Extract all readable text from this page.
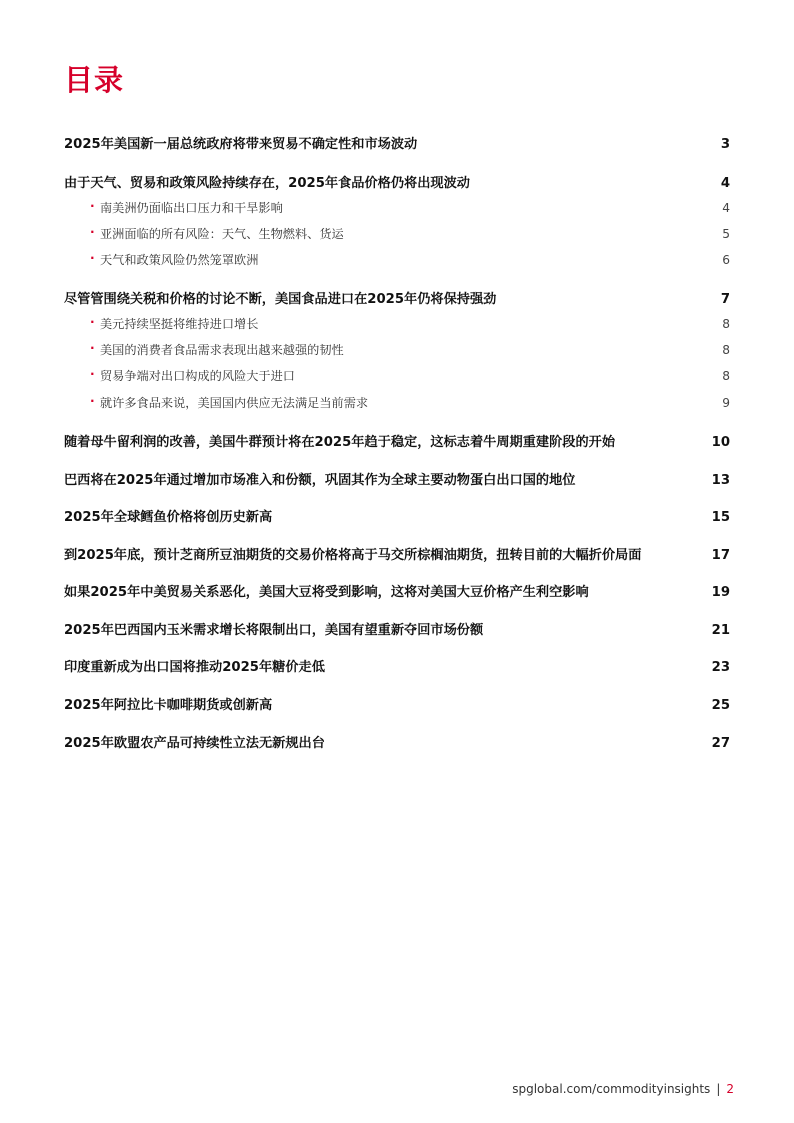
目录
2025年美国新一届总统政府将带来贸易不确定性和市场波动	3
由于天气、贸易和政策风险持续存在，2025年食品价格仍将出现波动	4
· 南美洲仍面临出口压力和干旱影响	4
· 亚洲面临的所有风险：天气、生物燃料、货运	5
· 天气和政策风险仍然笼罩欧洲	6
尽管管围绕关税和价格的讨论不断，美国食品进口在2025年仍将保持强劲	7
· 美元持续坚挺将维持进口增长	8
· 美国的消费者食品需求表现出越来越强的韧性	8
· 贸易争端对出口构成的风险大于进口	8
· 就许多食品来说，美国国内供应无法满足当前需求	9
随着母牛留利润的改善，美国牛群预计将在2025年趋于稳定，这标志着牛周期重建阶段的开始	10
巴西将在2025年通过增加市场准入和份额，巩固其作为全球主要动物蛋白出口国的地位	13
2025年全球鳕鱼价格将创历史新高	15
到2025年底，预计芝商所豆油期货的交易价格将高于马交所棕榈油期货，扭转目前的大幅折价局面	17
如果2025年中美贸易关系恶化，美国大豆将受到影响，这将对美国大豆价格产生利空影响	19
2025年巴西国内玉米需求增长将限制出口，美国有望重新夺回市场份额	21
印度重新成为出口国将推动2025年糖价走低	23
2025年阿拉比卡咖啡期货或创新高	25
2025年欧盟农产品可持续性立法无新规出台	27
spglobal.com/commodityinsights | 2
